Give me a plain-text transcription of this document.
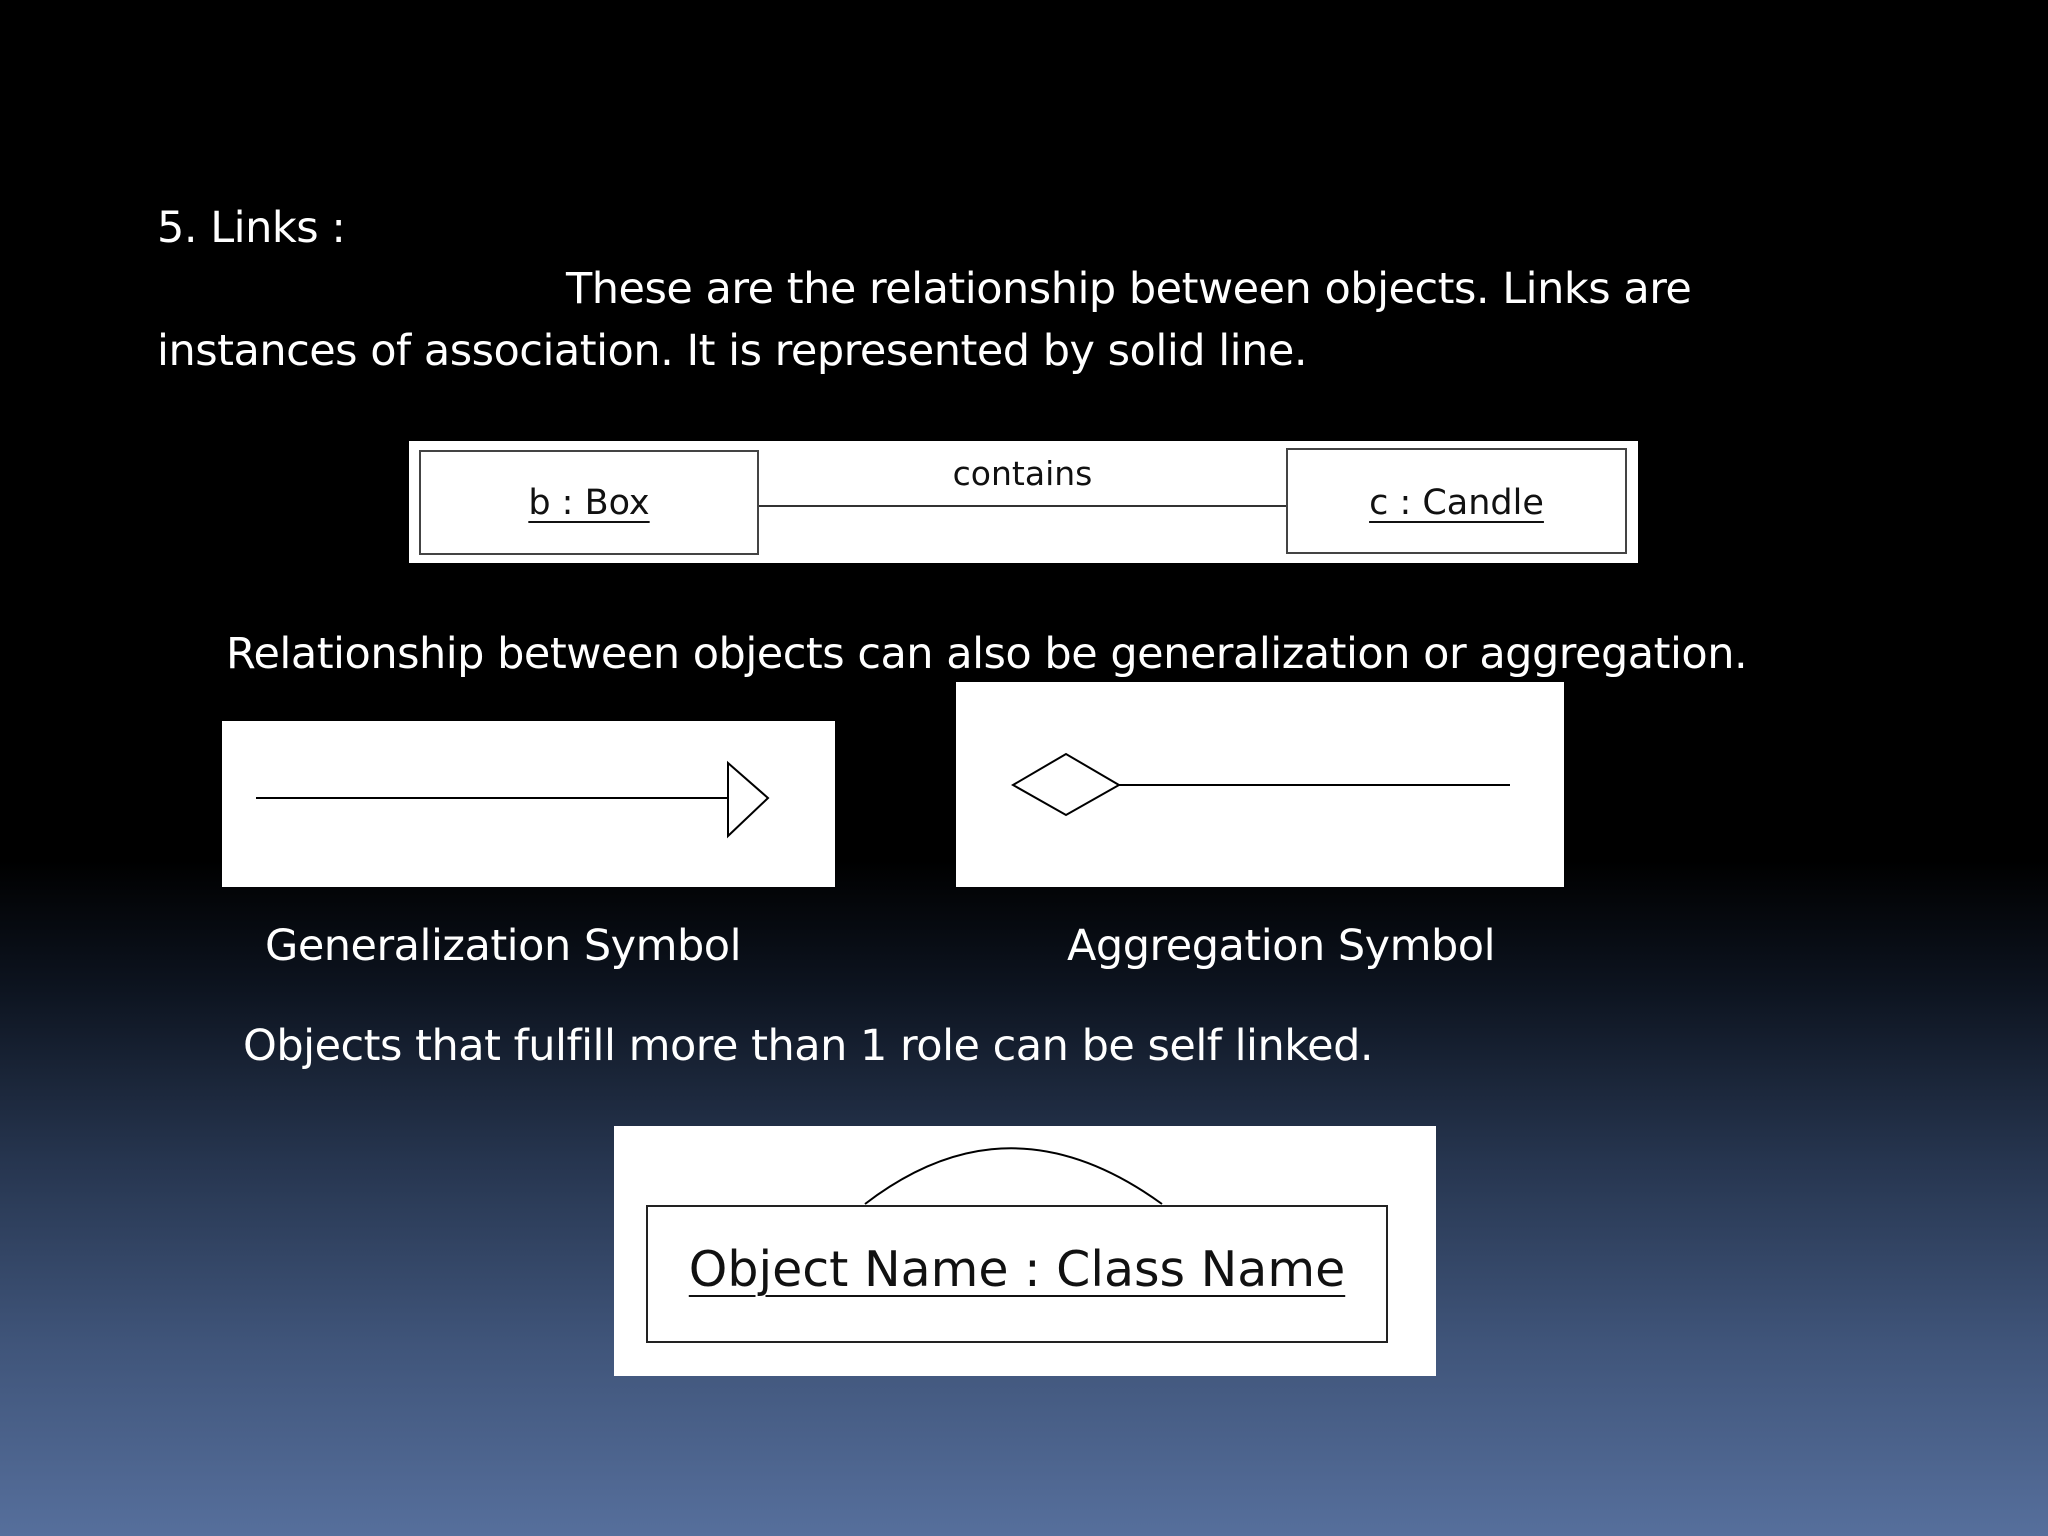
5. Links :
These are the relationship between objects. Links are
instances of association. It is represented by solid line.
b : Box
contains
c : Candle
Relationship between objects can also be generalization or aggregation.
Generalization Symbol	Aggregation Symbol
Objects that fulfill more than 1 role can be self linked.
Object Name : Class Name
